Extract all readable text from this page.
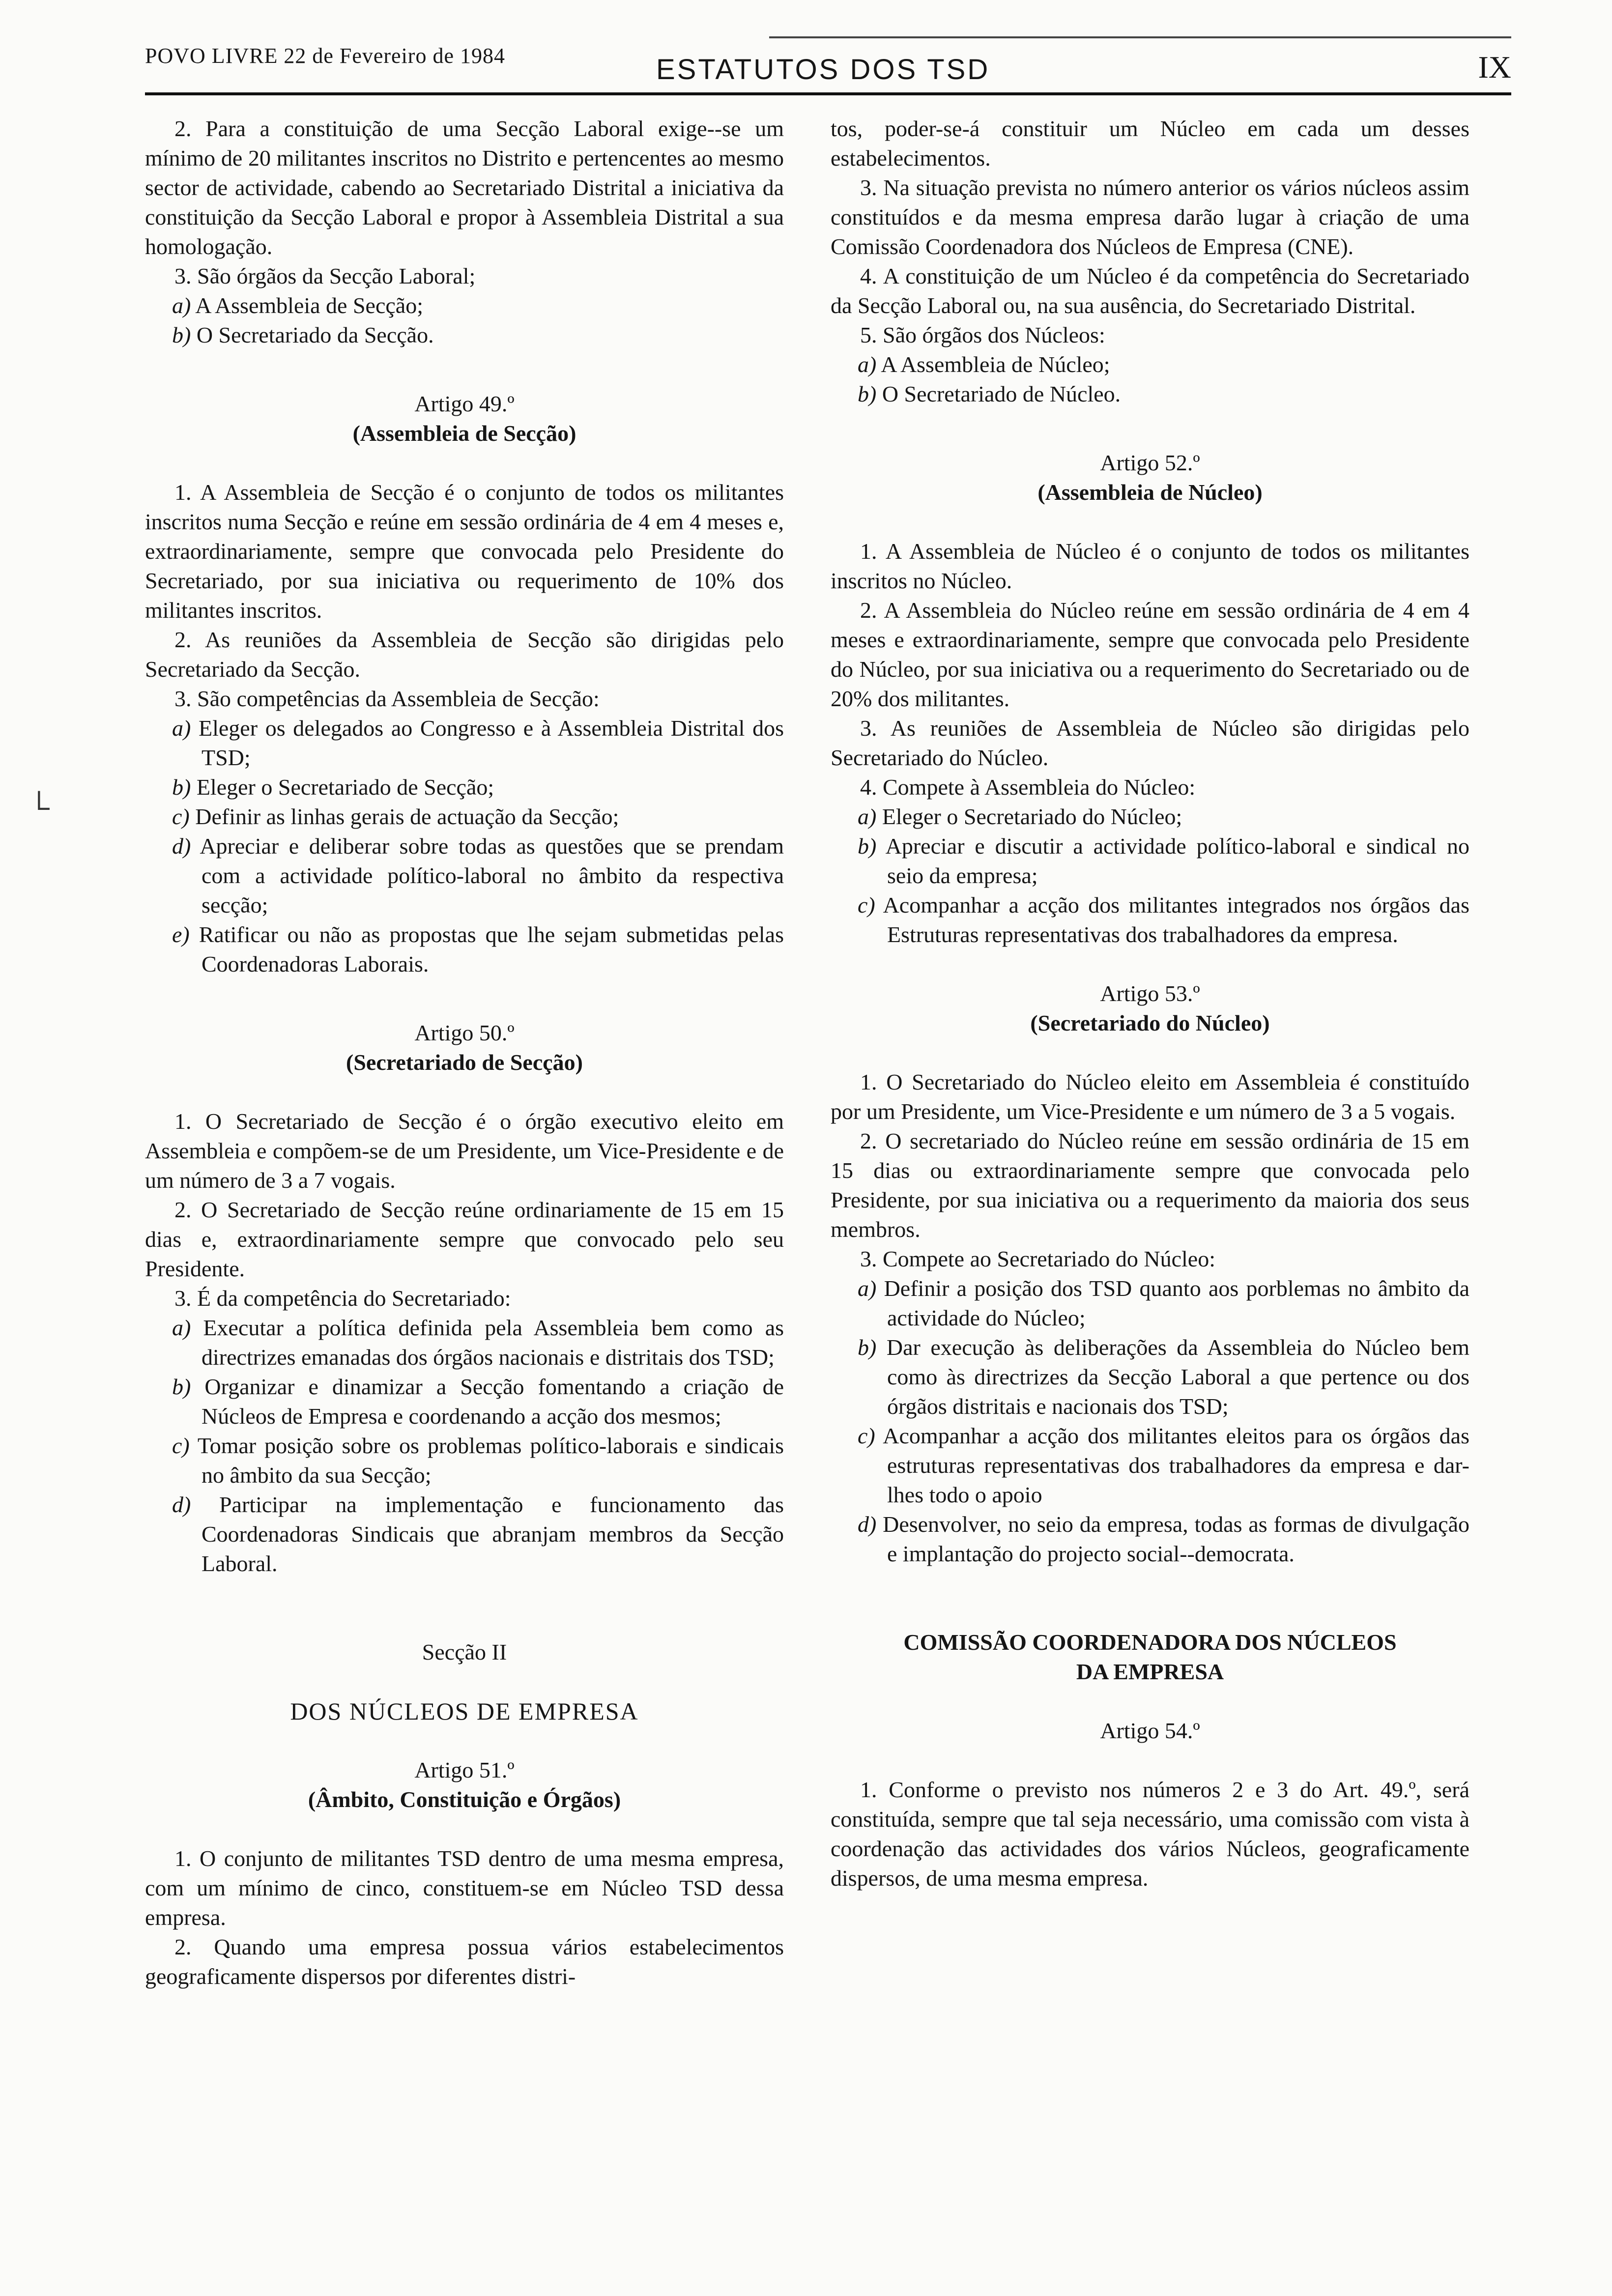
POVO LIVRE 22 de Fevereiro de 1984	ESTATUTOS DOS TSD	IX
└

2. Para a constituição de uma Secção Laboral exige--se um mínimo de 20 militantes inscritos no Distrito e pertencentes ao mesmo sector de actividade, cabendo ao Secretariado Distrital a iniciativa da constituição da Secção Laboral e propor à Assembleia Distrital a sua homologação.

3. São órgãos da Secção Laboral;

a) A Assembleia de Secção;

b) O Secretariado da Secção.

Artigo 49.º

(Assembleia de Secção)

1. A Assembleia de Secção é o conjunto de todos os militantes inscritos numa Secção e reúne em sessão ordinária de 4 em 4 meses e, extraordinariamente, sempre que convocada pelo Presidente do Secretariado, por sua iniciativa ou requerimento de 10% dos militantes inscritos.

2. As reuniões da Assembleia de Secção são dirigidas pelo Secretariado da Secção.

3. São competências da Assembleia de Secção:

a) Eleger os delegados ao Congresso e à Assembleia Distrital dos TSD;

b) Eleger o Secretariado de Secção;

c) Definir as linhas gerais de actuação da Secção;

d) Apreciar e deliberar sobre todas as questões que se prendam com a actividade político-laboral no âmbito da respectiva secção;

e) Ratificar ou não as propostas que lhe sejam submetidas pelas Coordenadoras Laborais.

Artigo 50.º

(Secretariado de Secção)

1. O Secretariado de Secção é o órgão executivo eleito em Assembleia e compõem-se de um Presidente, um Vice-Presidente e de um número de 3 a 7 vogais.

2. O Secretariado de Secção reúne ordinariamente de 15 em 15 dias e, extraordinariamente sempre que convocado pelo seu Presidente.

3. É da competência do Secretariado:

a) Executar a política definida pela Assembleia bem como as directrizes emanadas dos órgãos nacionais e distritais dos TSD;

b) Organizar e dinamizar a Secção fomentando a criação de Núcleos de Empresa e coordenando a acção dos mesmos;

c) Tomar posição sobre os problemas político-laborais e sindicais no âmbito da sua Secção;

d) Participar na implementação e funcionamento das Coordenadoras Sindicais que abranjam membros da Secção Laboral.

Secção II

DOS NÚCLEOS DE EMPRESA

Artigo 51.º

(Âmbito, Constituição e Órgãos)

1. O conjunto de militantes TSD dentro de uma mesma empresa, com um mínimo de cinco, constituem-se em Núcleo TSD dessa empresa.

2. Quando uma empresa possua vários estabelecimentos geograficamente dispersos por diferentes distri-

tos, poder-se-á constituir um Núcleo em cada um desses estabelecimentos.

3. Na situação prevista no número anterior os vários núcleos assim constituídos e da mesma empresa darão lugar à criação de uma Comissão Coordenadora dos Núcleos de Empresa (CNE).

4. A constituição de um Núcleo é da competência do Secretariado da Secção Laboral ou, na sua ausência, do Secretariado Distrital.

5. São órgãos dos Núcleos:

a) A Assembleia de Núcleo;

b) O Secretariado de Núcleo.

Artigo 52.º

(Assembleia de Núcleo)

1. A Assembleia de Núcleo é o conjunto de todos os militantes inscritos no Núcleo.

2. A Assembleia do Núcleo reúne em sessão ordinária de 4 em 4 meses e extraordinariamente, sempre que convocada pelo Presidente do Núcleo, por sua iniciativa ou a requerimento do Secretariado ou de 20% dos militantes.

3. As reuniões de Assembleia de Núcleo são dirigidas pelo Secretariado do Núcleo.

4. Compete à Assembleia do Núcleo:

a) Eleger o Secretariado do Núcleo;

b) Apreciar e discutir a actividade político-laboral e sindical no seio da empresa;

c) Acompanhar a acção dos militantes integrados nos órgãos das Estruturas representativas dos trabalhadores da empresa.

Artigo 53.º

(Secretariado do Núcleo)

1. O Secretariado do Núcleo eleito em Assembleia é constituído por um Presidente, um Vice-Presidente e um número de 3 a 5 vogais.

2. O secretariado do Núcleo reúne em sessão ordinária de 15 em 15 dias ou extraordinariamente sempre que convocada pelo Presidente, por sua iniciativa ou a requerimento da maioria dos seus membros.

3. Compete ao Secretariado do Núcleo:

a) Definir a posição dos TSD quanto aos porblemas no âmbito da actividade do Núcleo;

b) Dar execução às deliberações da Assembleia do Núcleo bem como às directrizes da Secção Laboral a que pertence ou dos órgãos distritais e nacionais dos TSD;

c) Acompanhar a acção dos militantes eleitos para os órgãos das estruturas representativas dos trabalhadores da empresa e dar-lhes todo o apoio

d) Desenvolver, no seio da empresa, todas as formas de divulgação e implantação do projecto social--democrata.

COMISSÃO COORDENADORA DOS NÚCLEOS

DA EMPRESA

Artigo 54.º

1. Conforme o previsto nos números 2 e 3 do Art. 49.º, será constituída, sempre que tal seja necessário, uma comissão com vista à coordenação das actividades dos vários Núcleos, geograficamente dispersos, de uma mesma empresa.
